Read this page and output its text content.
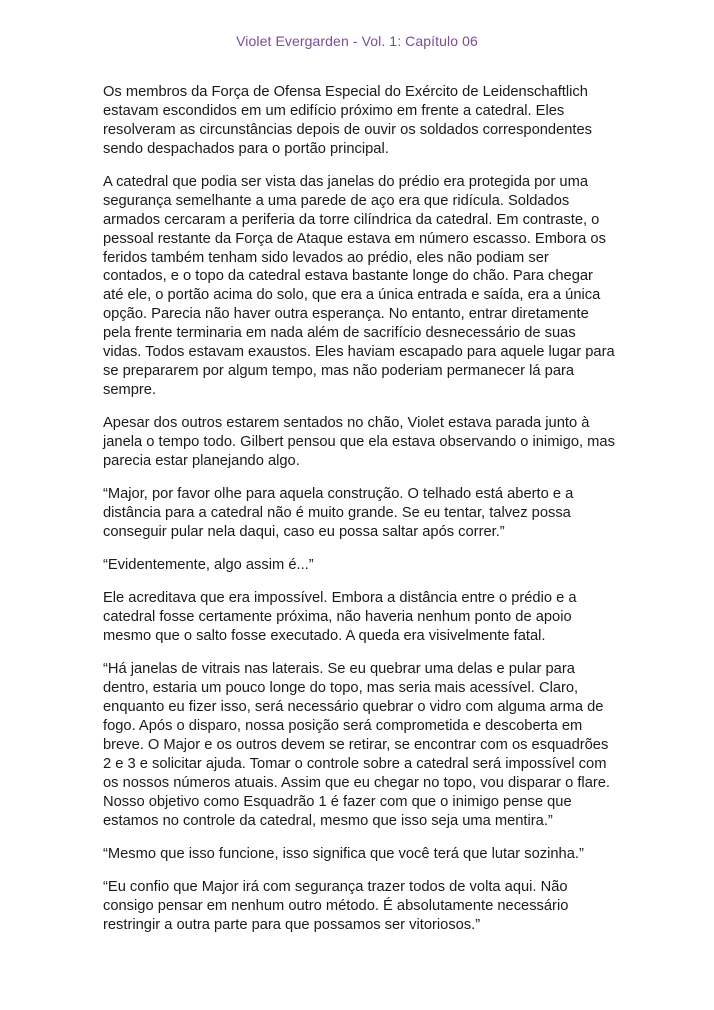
Violet Evergarden - Vol. 1: Capítulo 06

Os membros da Força de Ofensa Especial do Exército de Leidenschaftlich estavam escondidos em um edifício próximo em frente a catedral. Eles resolveram as circunstâncias depois de ouvir os soldados correspondentes sendo despachados para o portão principal.

A catedral que podia ser vista das janelas do prédio era protegida por uma segurança semelhante a uma parede de aço era que ridícula. Soldados armados cercaram a periferia da torre cilíndrica da catedral. Em contraste, o pessoal restante da Força de Ataque estava em número escasso. Embora os feridos também tenham sido levados ao prédio, eles não podiam ser contados, e o topo da catedral estava bastante longe do chão. Para chegar até ele, o portão acima do solo, que era a única entrada e saída, era a única opção. Parecia não haver outra esperança. No entanto, entrar diretamente pela frente terminaria em nada além de sacrifício desnecessário de suas vidas. Todos estavam exaustos. Eles haviam escapado para aquele lugar para se prepararem por algum tempo, mas não poderiam permanecer lá para sempre.

Apesar dos outros estarem sentados no chão, Violet estava parada junto à janela o tempo todo. Gilbert pensou que ela estava observando o inimigo, mas parecia estar planejando algo.

“Major, por favor olhe para aquela construção. O telhado está aberto e a distância para a catedral não é muito grande. Se eu tentar, talvez possa conseguir pular nela daqui, caso eu possa saltar após correr.”

“Evidentemente, algo assim é...”

Ele acreditava que era impossível. Embora a distância entre o prédio e a catedral fosse certamente próxima, não haveria nenhum ponto de apoio mesmo que o salto fosse executado. A queda era visivelmente fatal.

“Há janelas de vitrais nas laterais. Se eu quebrar uma delas e pular para dentro, estaria um pouco longe do topo, mas seria mais acessível. Claro, enquanto eu fizer isso, será necessário quebrar o vidro com alguma arma de fogo. Após o disparo, nossa posição será comprometida e descoberta em breve. O Major e os outros devem se retirar, se encontrar com os esquadrões 2 e 3 e solicitar ajuda. Tomar o controle sobre a catedral será impossível com os nossos números atuais. Assim que eu chegar no topo, vou disparar o flare. Nosso objetivo como Esquadrão 1 é fazer com que o inimigo pense que estamos no controle da catedral, mesmo que isso seja uma mentira.”

“Mesmo que isso funcione, isso significa que você terá que lutar sozinha.”

“Eu confio que Major irá com segurança trazer todos de volta aqui. Não consigo pensar em nenhum outro método. É absolutamente necessário restringir a outra parte para que possamos ser vitoriosos.”
